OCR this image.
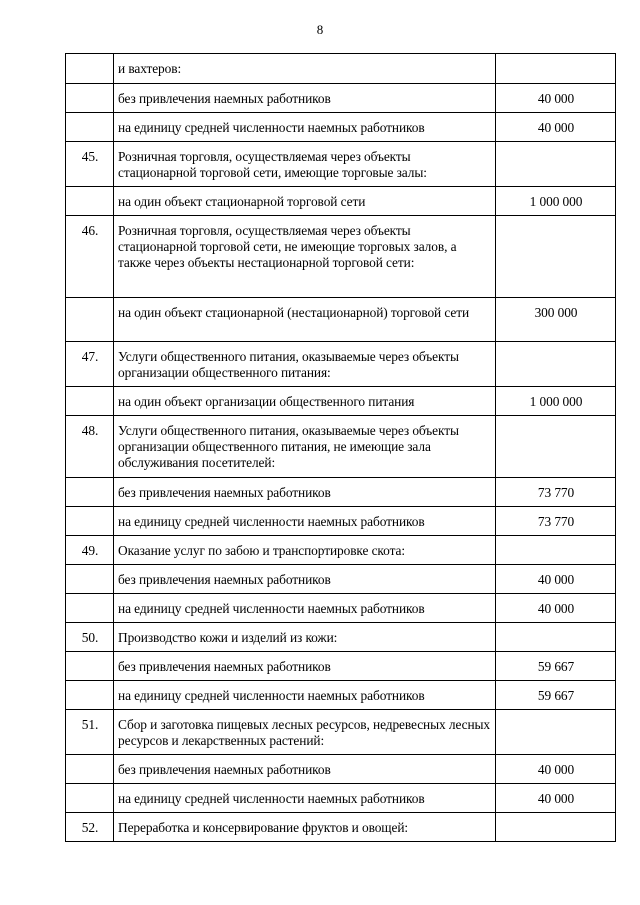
8
	и вахтеров:	
	без привлечения наемных работников	40 000
	на единицу средней численности наемных работников	40 000
45.	Розничная торговля, осуществляемая через объекты стационарной торговой сети, имеющие торговые залы:	
	на один объект стационарной торговой сети	1 000 000
46.	Розничная торговля, осуществляемая через объекты стационарной торговой сети, не имеющие торговых залов, а также через объекты нестационарной торговой сети:	
	на один объект стационарной (нестационарной) торговой сети	300 000
47.	Услуги общественного питания, оказываемые через объекты организации общественного питания:	
	на один объект организации общественного питания	1 000 000
48.	Услуги общественного питания, оказываемые через объекты организации общественного питания, не имеющие зала обслуживания посетителей:	
	без привлечения наемных работников	73 770
	на единицу средней численности наемных работников	73 770
49.	Оказание услуг по забою и транспортировке скота:	
	без привлечения наемных работников	40 000
	на единицу средней численности наемных работников	40 000
50.	Производство кожи и изделий из кожи:	
	без привлечения наемных работников	59 667
	на единицу средней численности наемных работников	59 667
51.	Сбор и заготовка пищевых лесных ресурсов, недревесных лесных ресурсов и лекарственных растений:	
	без привлечения наемных работников	40 000
	на единицу средней численности наемных работников	40 000
52.	Переработка и консервирование фруктов и овощей:	
